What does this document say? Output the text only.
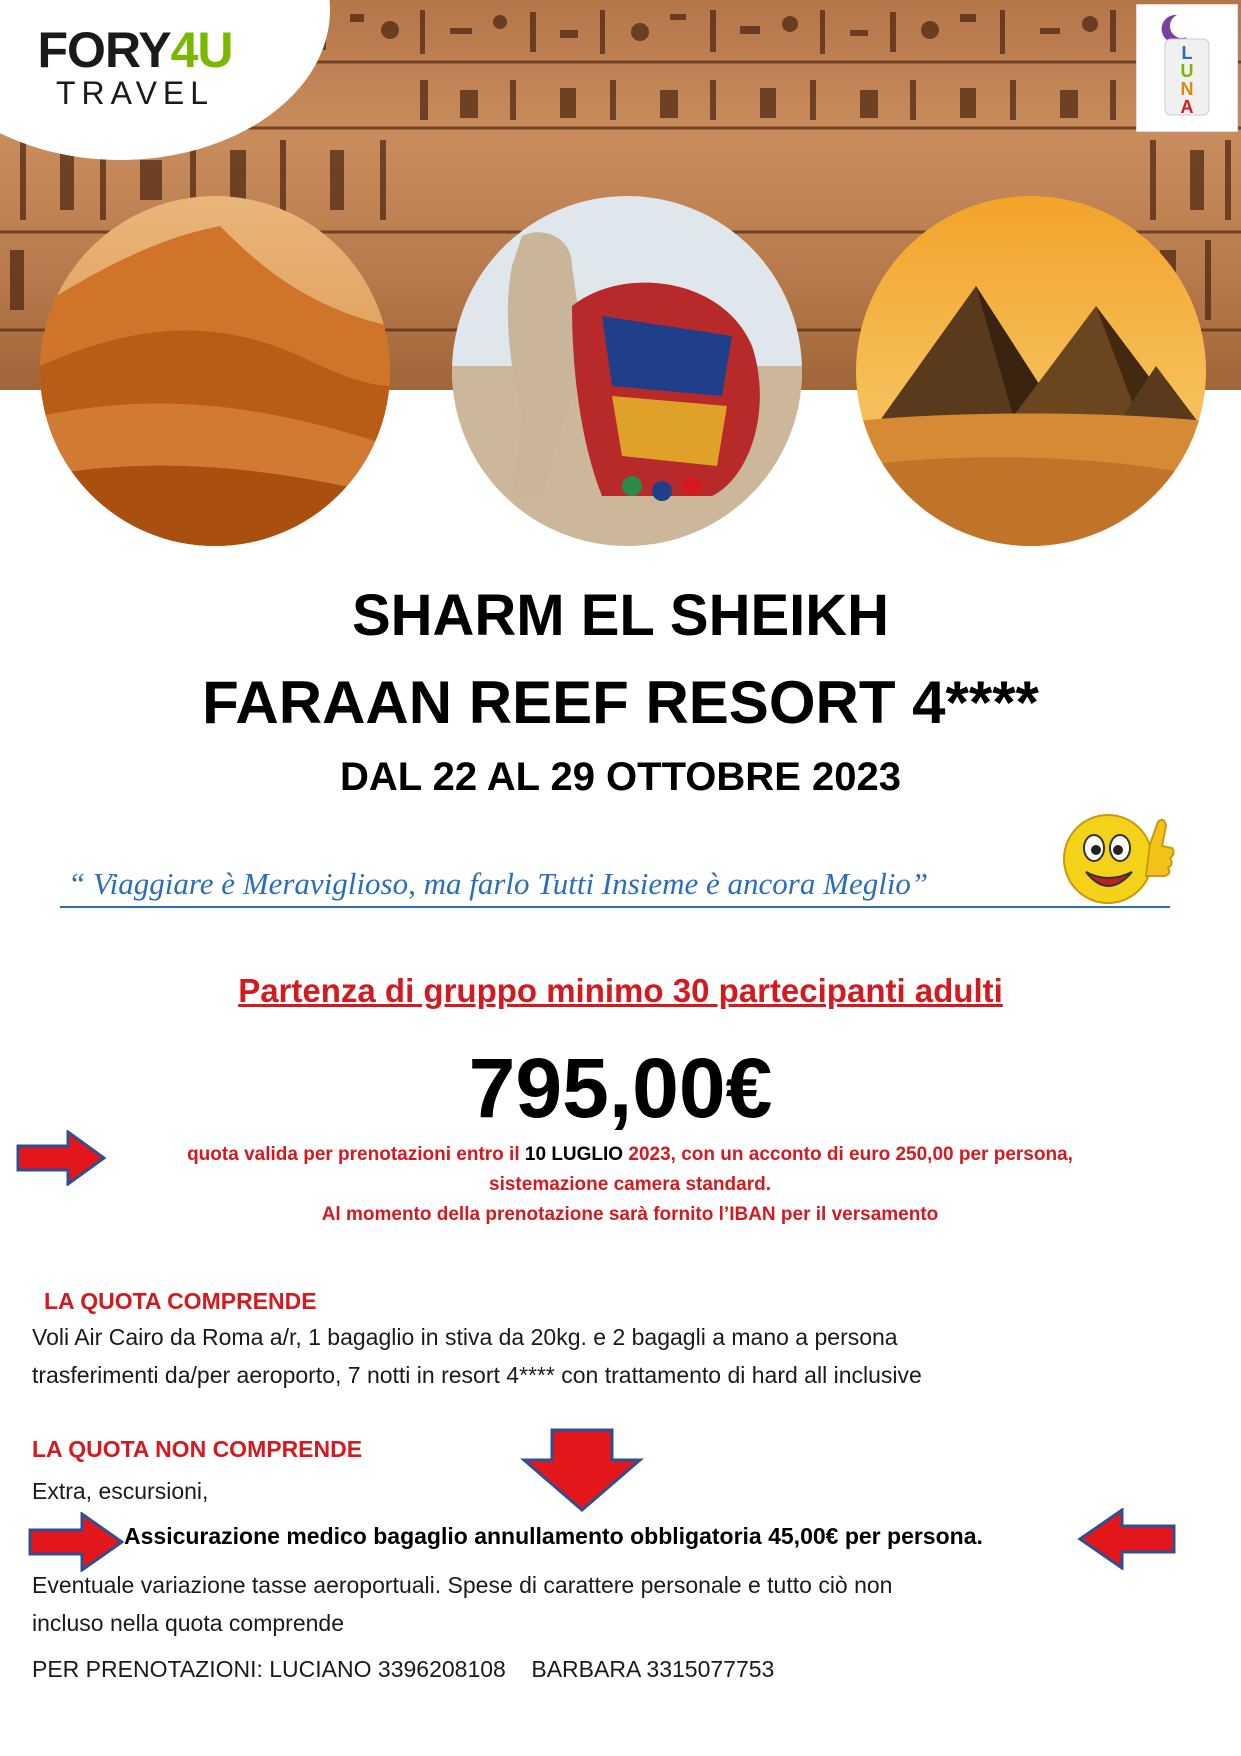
FORY4U
TRAVEL
L
U
N
A
SHARM EL SHEIKH
FARAAN REEF RESORT 4****
DAL 22 AL 29 OTTOBRE 2023
“ Viaggiare è Meraviglioso, ma farlo Tutti Insieme è ancora Meglio”
Partenza di gruppo minimo 30 partecipanti adulti
795,00€
quota valida per prenotazioni entro il 10 LUGLIO 2023, con un acconto di euro 250,00 per persona,
sistemazione camera standard.
Al momento della prenotazione sarà fornito l’IBAN per il versamento
LA QUOTA COMPRENDE
Voli Air Cairo da Roma a/r, 1 bagaglio in stiva da 20kg. e 2 bagagli a mano a persona
trasferimenti da/per aeroporto, 7 notti in resort 4**** con trattamento di hard all inclusive
LA QUOTA NON COMPRENDE
Extra, escursioni,
Assicurazione medico bagaglio annullamento obbligatoria 45,00€ per persona.
Eventuale variazione tasse aeroportuali. Spese di carattere personale e tutto ciò non
incluso nella quota comprende
PER PRENOTAZIONI: LUCIANO 3396208108    BARBARA 3315077753
